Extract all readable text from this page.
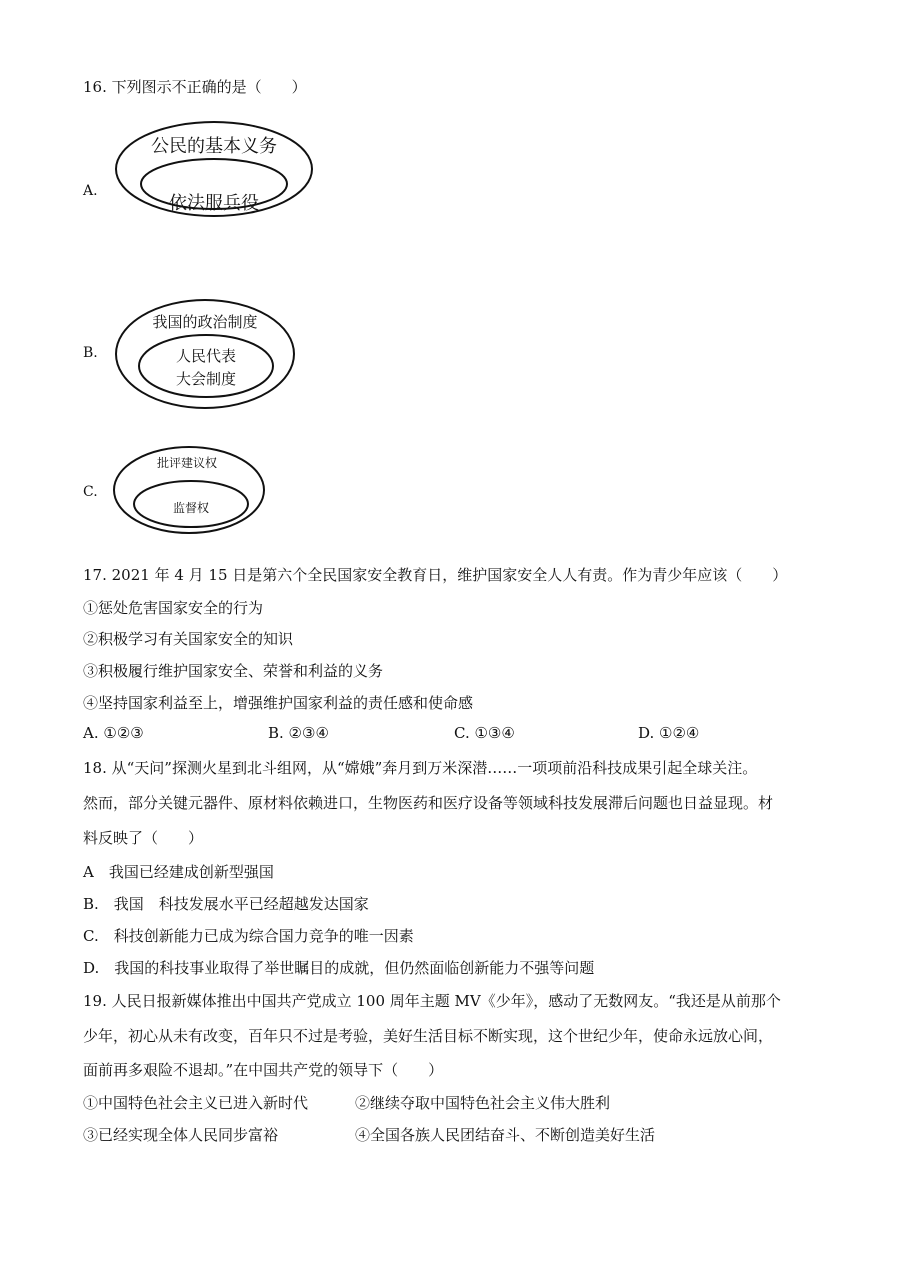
16. 下列图示不正确的是（　　）
A.
公民的基本义务
依法服兵役
B.
我国的政治制度
人民代表
大会制度
C.
批评建议权
监督权
17. 2021 年 4 月 15 日是第六个全民国家安全教育日，维护国家安全人人有责。作为青少年应该（　　）
①惩处危害国家安全的行为
②积极学习有关国家安全的知识
③积极履行维护国家安全、荣誉和利益的义务
④坚持国家利益至上，增强维护国家利益的责任感和使命感
A. ①②③	B. ②③④	C. ①③④	D. ①②④
18. 从“天问”探测火星到北斗组网，从“嫦娥”奔月到万米深潜……一项项前沿科技成果引起全球关注。
然而，部分关键元器件、原材料依赖进口，生物医药和医疗设备等领域科技发展滞后问题也日益显现。材
料反映了（　　）
A　我国已经建成创新型强国
B.　我国　科技发展水平已经超越发达国家
C.　科技创新能力已成为综合国力竞争的唯一因素
D.　我国的科技事业取得了举世瞩目的成就，但仍然面临创新能力不强等问题
19. 人民日报新媒体推出中国共产党成立 100 周年主题 MV《少年》，感动了无数网友。“我还是从前那个
少年，初心从未有改变，百年只不过是考验，美好生活目标不断实现，这个世纪少年，使命永远放心间，
面前再多艰险不退却。”在中国共产党的领导下（　　）
①中国特色社会主义已进入新时代	②继续夺取中国特色社会主义伟大胜利
③已经实现全体人民同步富裕	④全国各族人民团结奋斗、不断创造美好生活
